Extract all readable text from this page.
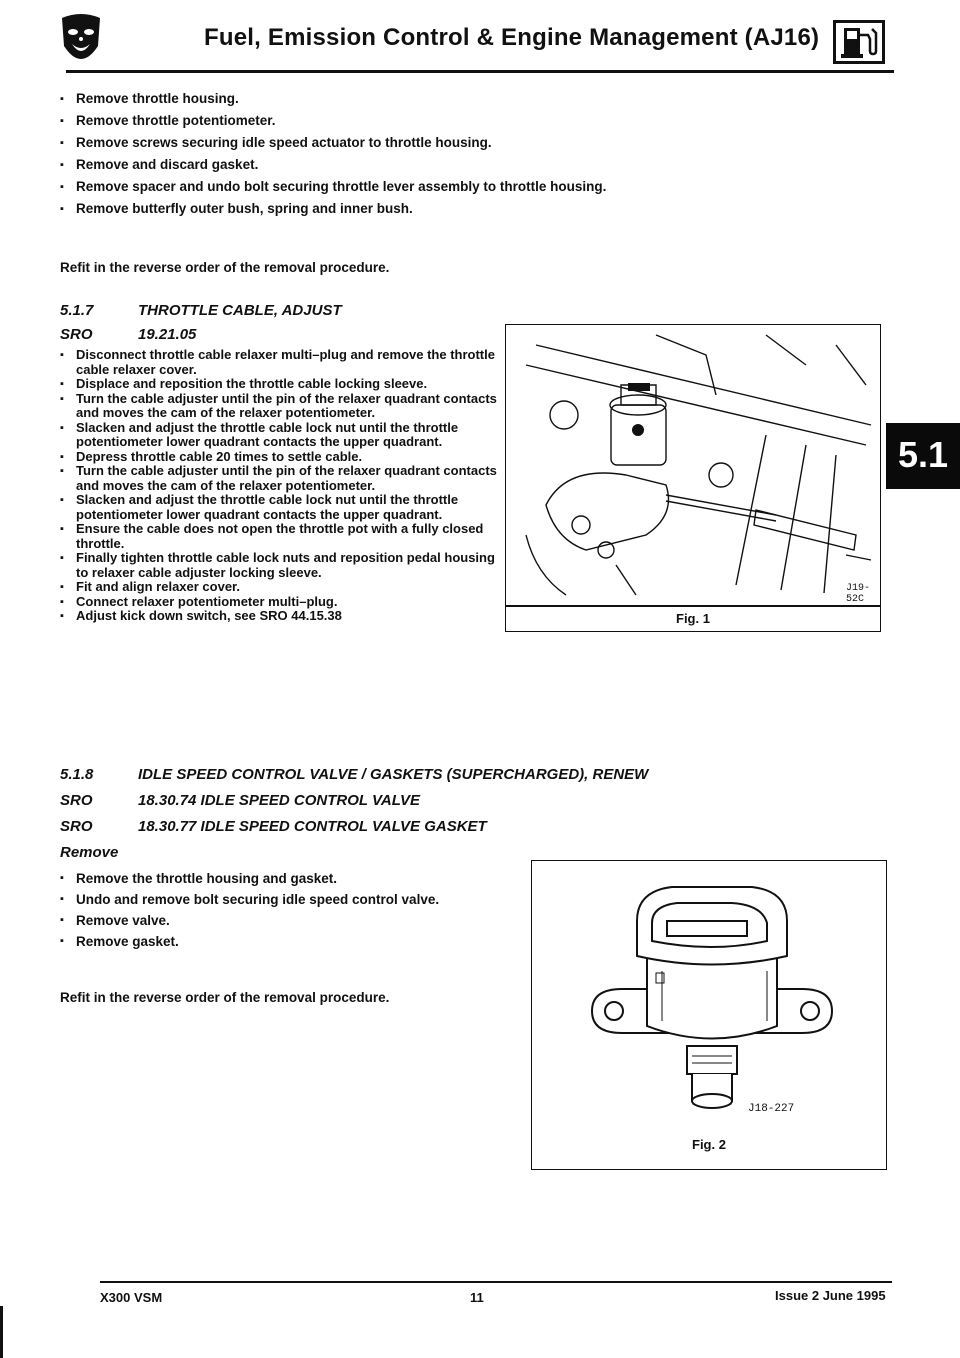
Fuel, Emission Control & Engine Management (AJ16)
▪ Remove throttle housing.
▪ Remove throttle potentiometer.
▪ Remove screws securing idle speed actuator to throttle housing.
▪ Remove and discard gasket.
▪ Remove spacer and undo bolt securing throttle lever assembly to throttle housing.
▪ Remove butterfly outer bush, spring and inner bush.
Refit in the reverse order of the removal procedure.
5.1.7	THROTTLE CABLE, ADJUST
SRO	19.21.05
▪ Disconnect throttle cable relaxer multi–plug and remove the throttle cable relaxer cover.
▪ Displace and reposition the throttle cable locking sleeve.
▪ Turn the cable adjuster until the pin of the relaxer quadrant contacts and moves the cam of the relaxer potentiometer.
▪ Slacken and adjust the throttle cable lock nut until the throttle potentiometer lower quadrant contacts the upper quadrant.
▪ Depress throttle cable 20 times to settle cable.
▪ Turn the cable adjuster until the pin of the relaxer quadrant contacts and moves the cam of the relaxer potentiometer.
▪ Slacken and adjust the throttle cable lock nut until the throttle potentiometer lower quadrant contacts the upper quadrant.
▪ Ensure the cable does not open the throttle pot with a fully closed throttle.
▪ Finally tighten throttle cable lock nuts and reposition pedal housing to relaxer cable adjuster locking sleeve.
▪ Fit and align relaxer cover.
▪ Connect relaxer potentiometer multi–plug.
▪ Adjust kick down switch, see SRO 44.15.38
J19-52C
Fig. 1
5.1
5.1.8	IDLE SPEED CONTROL VALVE / GASKETS (SUPERCHARGED), RENEW
SRO	18.30.74 IDLE SPEED CONTROL VALVE
SRO	18.30.77 IDLE SPEED CONTROL VALVE GASKET
Remove
▪ Remove the throttle housing and gasket.
▪ Undo and remove bolt securing idle speed control valve.
▪ Remove valve.
▪ Remove gasket.
Refit in the reverse order of the removal procedure.
J18-227
Fig. 2
X300 VSM	11	Issue 2 June 1995
